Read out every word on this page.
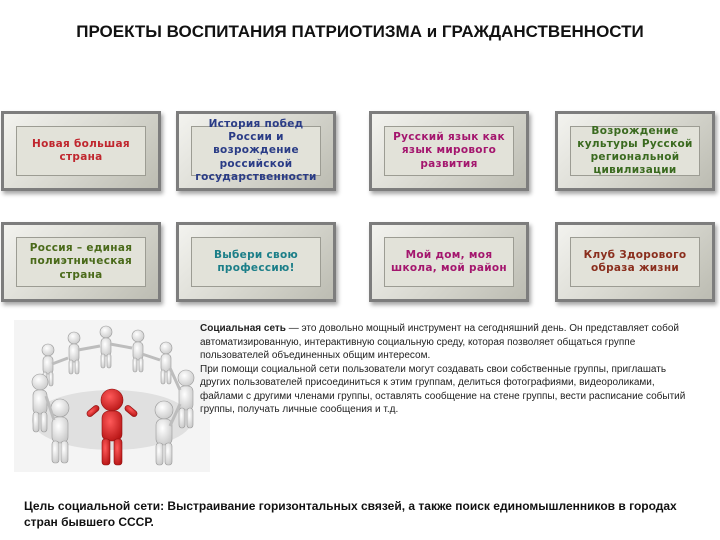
ПРОЕКТЫ ВОСПИТАНИЯ ПАТРИОТИЗМА и ГРАЖДАНСТВЕННОСТИ
Новая большая страна
История побед России и возрождение российской государственности
Русский язык как язык мирового развития
Возрождение культуры Русской региональной цивилизации
Россия – единая полиэтническая страна
Выбери свою профессию!
Мой дом, моя школа, мой район
Клуб Здорового образа жизни

Социальная сеть — это довольно мощный инструмент на сегодняшний день. Он представляет собой автоматизированную, интерактивную социальную среду, которая позволяет общаться группе пользователей объединенных общим интересом.

При помощи социальной сети пользователи могут создавать свои собственные группы, приглашать других пользователей присоединиться к этим группам, делиться фотографиями, видеороликами, файлами с другими членами группы, оставлять сообщение на стене группы, вести расписание событий группы, получать личные сообщения и т.д.

Цель социальной сети: Выстраивание горизонтальных связей, а также поиск единомышленников в городах стран бывшего СССР.
